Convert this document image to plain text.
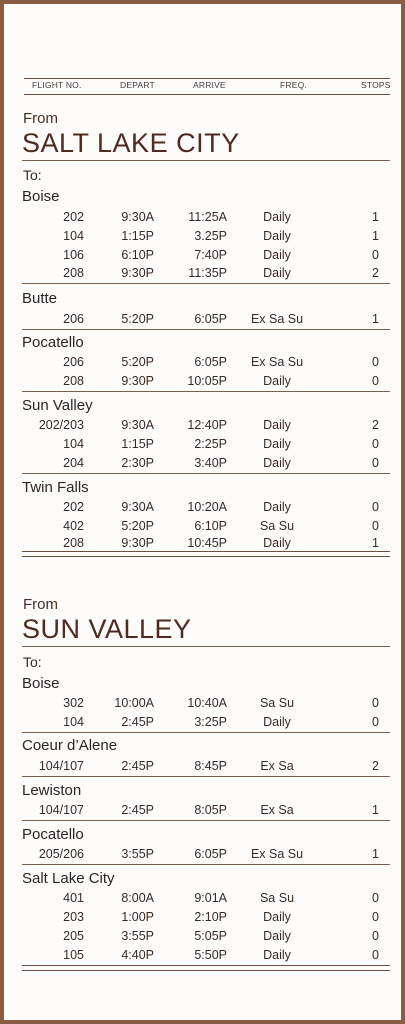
FLIGHT NO.	DEPART	ARRIVE	FREQ.	STOPS
From
SALT LAKE CITY
To:
Boise
202	9:30A	11:25A	Daily	1
104	1:15P	3.25P	Daily	1
106	6:10P	7:40P	Daily	0
208	9:30P	11:35P	Daily	2
Butte
206	5:20P	6:05P Ex Sa Su	1
Pocatello
206	5:20P	6:05P Ex Sa Su	0
208	9:30P	10:05P	Daily	0
Sun Valley
202/203	9:30A	12:40P	Daily	2
104	1:15P	2:25P	Daily	0
204	2:30P	3:40P	Daily	0
Twin Falls
202	9:30A	10:20A	Daily	0
402	5:20P	6:10P	Sa Su	0
208	9:30P	10:45P	Daily	1
From
SUN VALLEY
To:
Boise
302 10:00A	10:40A	Sa Su	0
104	2:45P	3:25P	Daily	0
Coeur d’Alene
104/107	2:45P	8:45P	Ex Sa	2
Lewiston
104/107	2:45P	8:05P	Ex Sa	1
Pocatello
205/206	3:55P	6:05P Ex Sa Su	1
Salt Lake City
401	8:00A	9:01A	Sa Su	0
203	1:00P	2:10P	Daily	0
205	3:55P	5:05P	Daily	0
105	4:40P	5:50P	Daily	0
